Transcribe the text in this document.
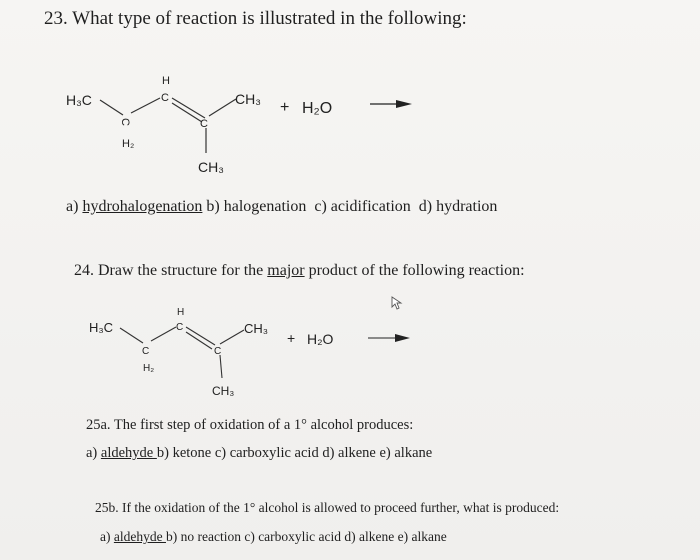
23. What type of reaction is illustrated in the following:
H₃C
C
H₂
H
C
C
CH₃
CH₃
+ H₂O
a) hydrohalogenation b) halogenation c) acidification d) hydration
24. Draw the structure for the major product of the following reaction:
H₃C
C
H₂
H
C
C
CH₃
CH₃
+ H₂O
25a. The first step of oxidation of a 1° alcohol produces:
a) aldehyde b) ketone c) carboxylic acid d) alkene e) alkane
25b. If the oxidation of the 1° alcohol is allowed to proceed further, what is produced:
a) aldehyde b) no reaction c) carboxylic acid d) alkene e) alkane
